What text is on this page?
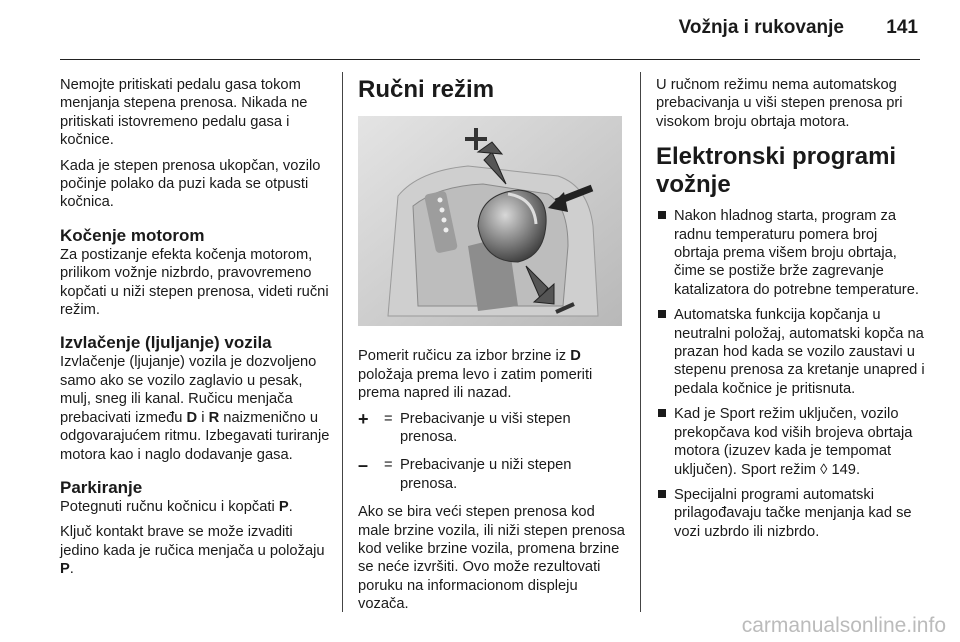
Vožnja i rukovanje 141

Nemojte pritiskati pedalu gasa tokom menjanja stepena prenosa. Nikada ne pritiskati istovremeno pedalu gasa i kočnice.

Kada je stepen prenosa ukopčan, vozilo počinje polako da puzi kada se otpusti kočnica.

Kočenje motorom

Za postizanje efekta kočenja motorom, prilikom vožnje nizbrdo, pravovremeno kopčati u niži stepen prenosa, videti ručni režim.

Izvlačenje (ljuljanje) vozila

Izvlačenje (ljujanje) vozila je dozvoljeno samo ako se vozilo zaglavio u pesak, mulj, sneg ili kanal. Ručicu menjača prebacivati između D i R naizmenično u odgovarajućem ritmu. Izbegavati turiranje motora kao i naglo dodavanje gasa.

Parkiranje

Potegnuti ručnu kočnicu i kopčati P.

Ključ kontakt brave se može izvaditi jedino kada je ručica menjača u položaju P.

Ručni režim

Pomerit ručicu za izbor brzine iz D položaja prema levo i zatim pomeriti prema napred ili nazad.

+	= Prebacivanje u viši stepen prenosa.
–	= Prebacivanje u niži stepen prenosa.

Ako se bira veći stepen prenosa kod male brzine vozila, ili niži stepen prenosa kod velike brzine vozila, promena brzine se neće izvršiti. Ovo može rezultovati poruku na informacionom displeju vozača.

U ručnom režimu nema automatskog prebacivanja u viši stepen prenosa pri visokom broju obrtaja motora.

Elektronski programi vožnje
Nakon hladnog starta, program za radnu temperaturu pomera broj obrtaja prema višem broju obrtaja, čime se postiže brže zagrevanje katalizatora do potrebne temperature.
Automatska funkcija kopčanja u neutralni položaj, automatski kopča na prazan hod kada se vozilo zaustavi u stepenu prenosa za kretanje unapred i pedala kočnice je pritisnuta.
Kad je Sport režim uključen, vozilo prekopčava kod viših brojeva obrtaja motora (izuzev kada je tempomat uključen). Sport režim ◊ 149.
Specijalni programi automatski prilagođavaju tačke menjanja kad se vozi uzbrdo ili nizbrdo.
carmanualsonline.info
